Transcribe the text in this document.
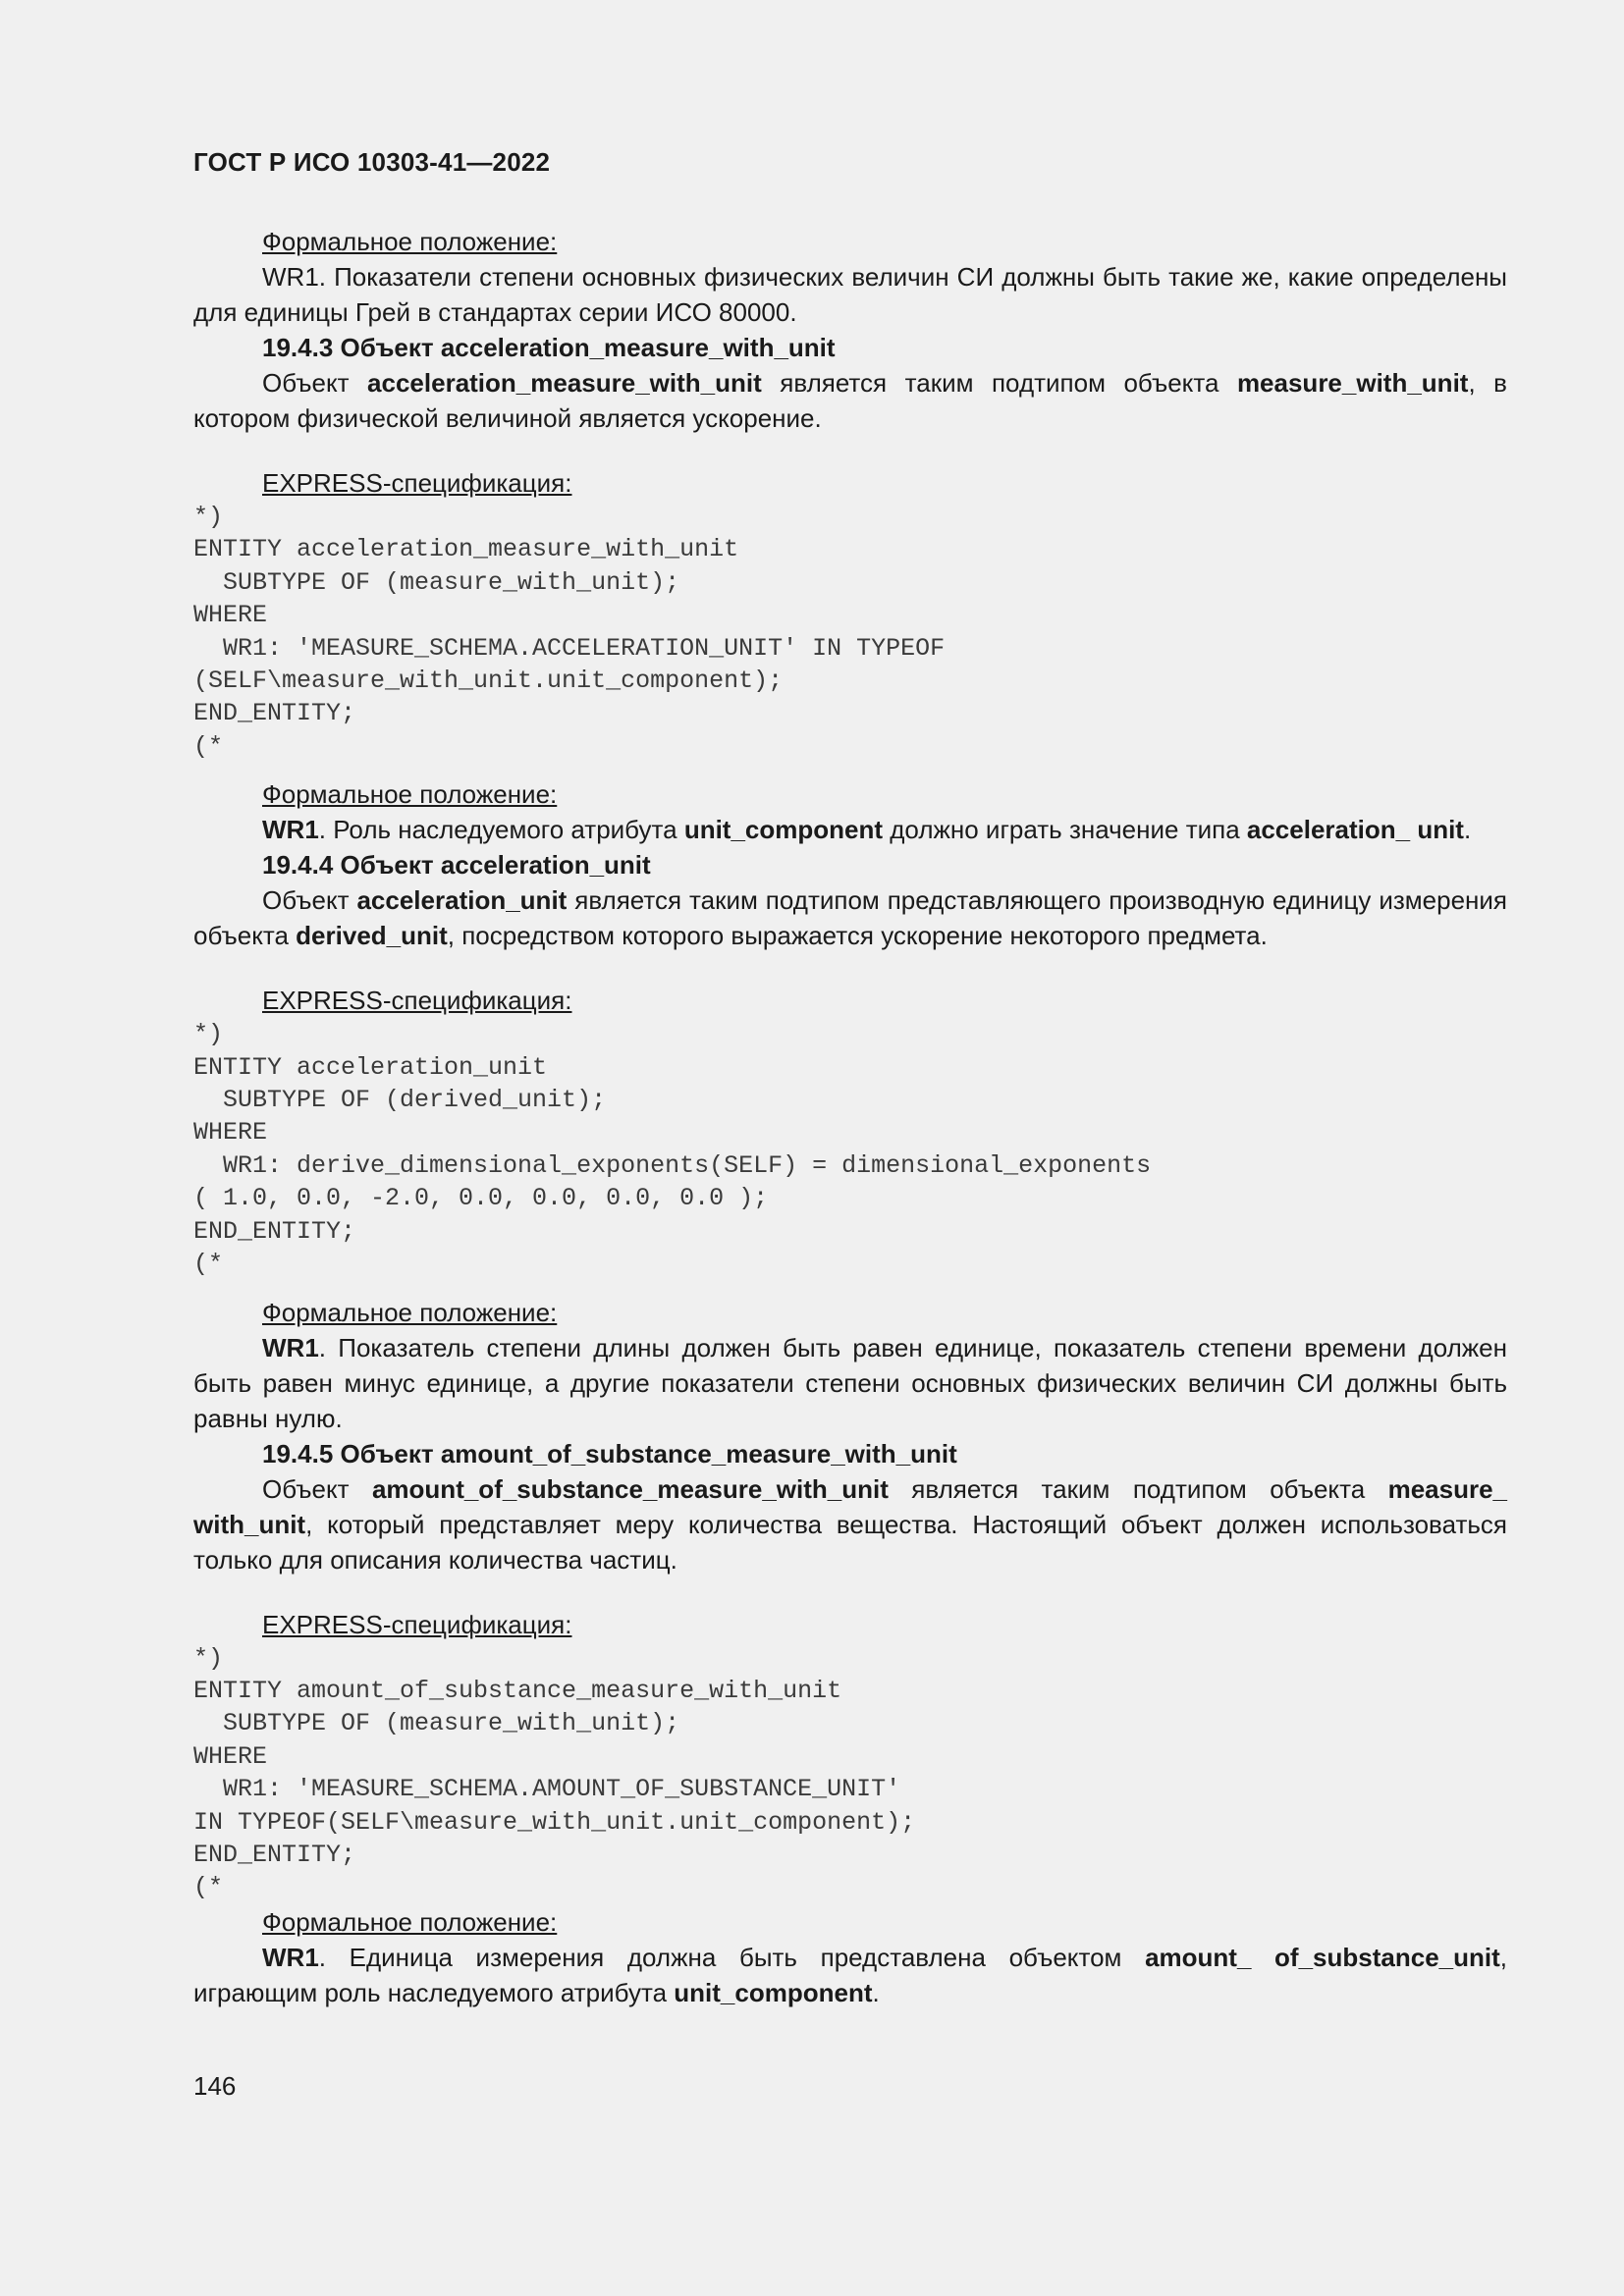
ГОСТ Р ИСО 10303-41—2022

Формальное положение:

WR1. Показатели степени основных физических величин СИ должны быть такие же, какие определены для единицы Грей в стандартах серии ИСО 80000.

19.4.3 Объект acceleration_measure_with_unit

Объект acceleration_measure_with_unit является таким подтипом объекта measure_with_unit, в котором физической величиной является ускорение.

EXPRESS-спецификация:

*)
ENTITY acceleration_measure_with_unit
SUBTYPE OF (measure_with_unit);
WHERE
WR1: 'MEASURE_SCHEMA.ACCELERATION_UNIT' IN TYPEOF
(SELF\measure_with_unit.unit_component);
END_ENTITY;
(*

Формальное положение:

WR1. Роль наследуемого атрибута unit_component должно играть значение типа acceleration_ unit.

19.4.4 Объект acceleration_unit

Объект acceleration_unit является таким подтипом представляющего производную единицу измерения объекта derived_unit, посредством которого выражается ускорение некоторого предмета.

EXPRESS-спецификация:

*)
ENTITY acceleration_unit
SUBTYPE OF (derived_unit);
WHERE
WR1: derive_dimensional_exponents(SELF) = dimensional_exponents
( 1.0, 0.0, -2.0, 0.0, 0.0, 0.0, 0.0 );
END_ENTITY;
(*

Формальное положение:

WR1. Показатель степени длины должен быть равен единице, показатель степени времени должен быть равен минус единице, а другие показатели степени основных физических величин СИ должны быть равны нулю.

19.4.5 Объект amount_of_substance_measure_with_unit

Объект amount_of_substance_measure_with_unit является таким подтипом объекта measure_ with_unit, который представляет меру количества вещества. Настоящий объект должен использоваться только для описания количества частиц.

EXPRESS-спецификация:

*)
ENTITY amount_of_substance_measure_with_unit
SUBTYPE OF (measure_with_unit);
WHERE
WR1: 'MEASURE_SCHEMA.AMOUNT_OF_SUBSTANCE_UNIT'
IN TYPEOF(SELF\measure_with_unit.unit_component);
END_ENTITY;
(*

Формальное положение:

WR1. Единица измерения должна быть представлена объектом amount_ of_substance_unit, играющим роль наследуемого атрибута unit_component.

146
